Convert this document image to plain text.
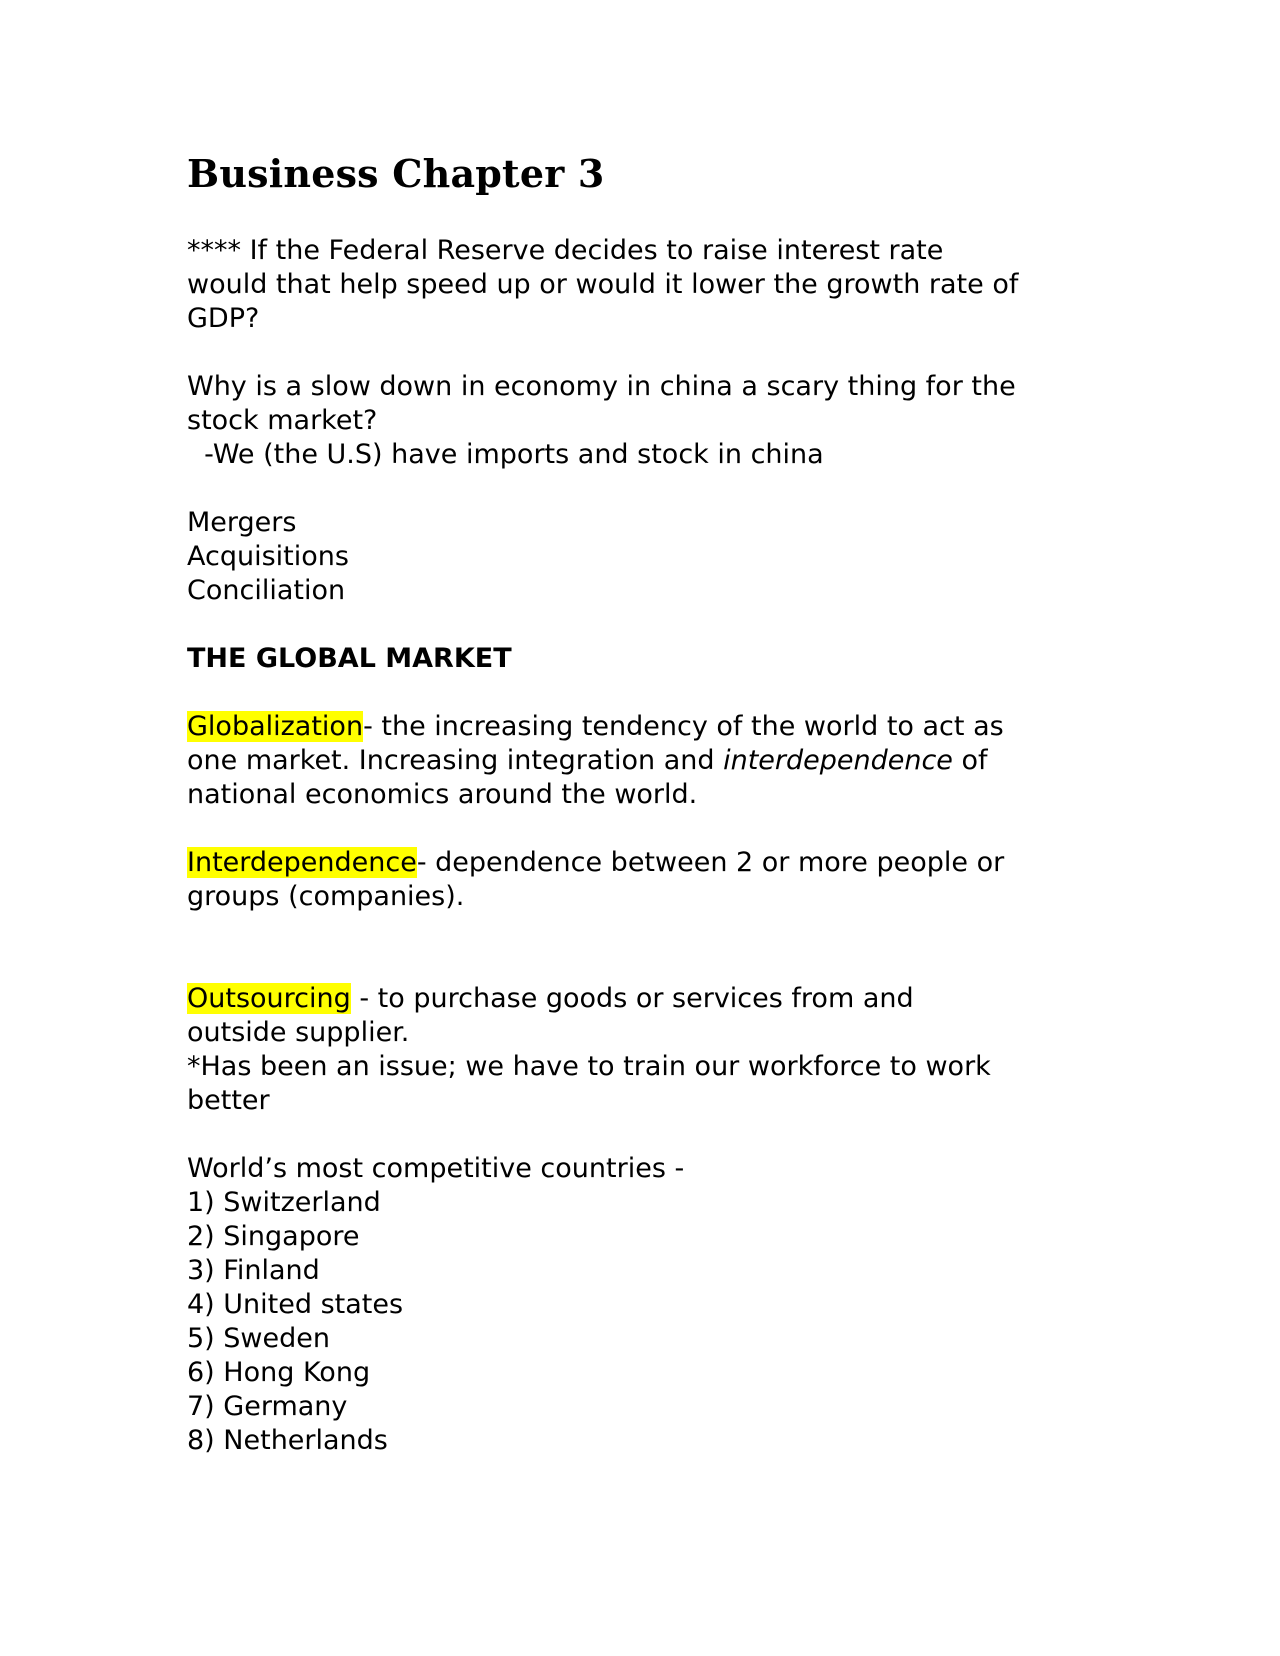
Business Chapter 3
**** If the Federal Reserve decides to raise interest rate
would that help speed up or would it lower the growth rate of
GDP?
Why is a slow down in economy in china a scary thing for the
stock market?
-We (the U.S) have imports and stock in china
Mergers
Acquisitions
Conciliation
THE GLOBAL MARKET
Globalization- the increasing tendency of the world to act as
one market. Increasing integration and interdependence of
national economics around the world.
Interdependence- dependence between 2 or more people or
groups (companies).
Outsourcing - to purchase goods or services from and
outside supplier.
*Has been an issue; we have to train our workforce to work
better
World’s most competitive countries -
1) Switzerland
2) Singapore
3) Finland
4) United states
5) Sweden
6) Hong Kong
7) Germany
8) Netherlands
